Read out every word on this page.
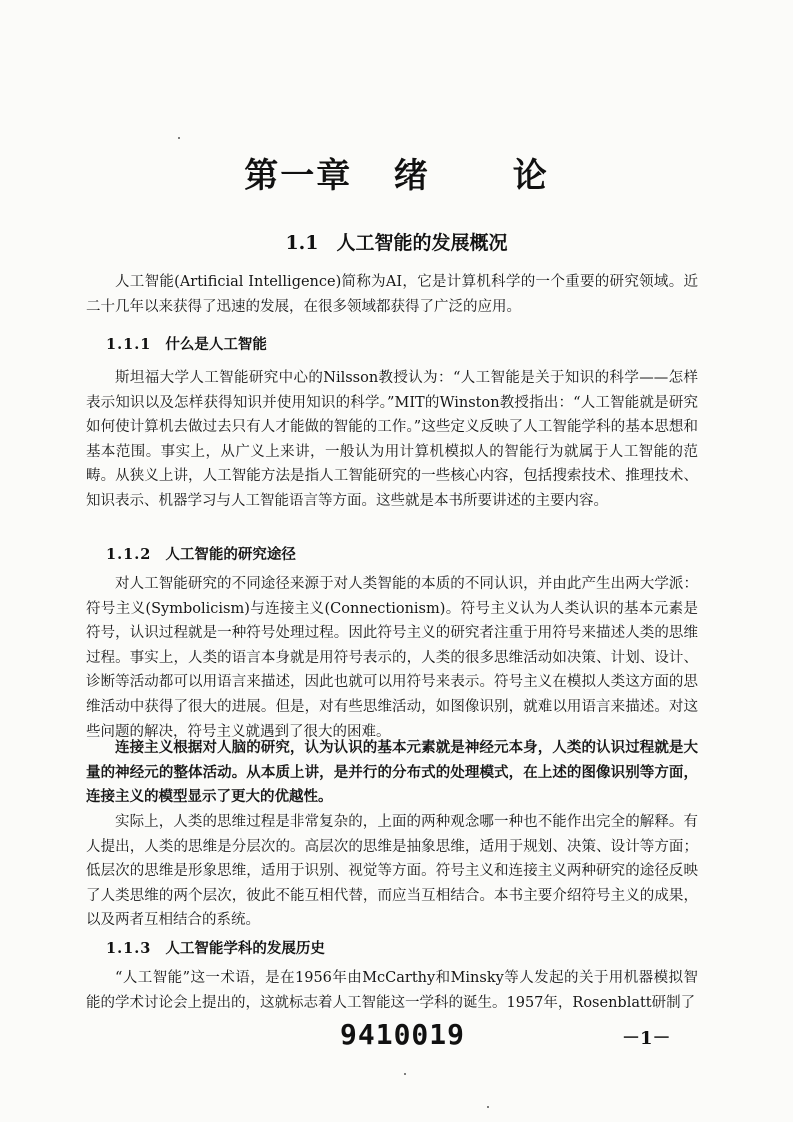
第一章   绪      论
1.1 人工智能的发展概况

人工智能(Artificial Intelligence)简称为AI，它是计算机科学的一个重要的研究领域。近二十几年以来获得了迅速的发展，在很多领域都获得了广泛的应用。

1.1.1 什么是人工智能

斯坦福大学人工智能研究中心的Nilsson教授认为：“人工智能是关于知识的科学——怎样表示知识以及怎样获得知识并使用知识的科学。”MIT的Winston教授指出：“人工智能就是研究如何使计算机去做过去只有人才能做的智能的工作。”这些定义反映了人工智能学科的基本思想和基本范围。事实上，从广义上来讲，一般认为用计算机模拟人的智能行为就属于人工智能的范畴。从狭义上讲，人工智能方法是指人工智能研究的一些核心内容，包括搜索技术、推理技术、知识表示、机器学习与人工智能语言等方面。这些就是本书所要讲述的主要内容。

1.1.2 人工智能的研究途径

对人工智能研究的不同途径来源于对人类智能的本质的不同认识，并由此产生出两大学派：符号主义(Symbolicism)与连接主义(Connectionism)。符号主义认为人类认识的基本元素是符号，认识过程就是一种符号处理过程。因此符号主义的研究者注重于用符号来描述人类的思维过程。事实上，人类的语言本身就是用符号表示的，人类的很多思维活动如决策、计划、设计、诊断等活动都可以用语言来描述，因此也就可以用符号来表示。符号主义在模拟人类这方面的思维活动中获得了很大的进展。但是，对有些思维活动，如图像识别，就难以用语言来描述。对这些问题的解决，符号主义就遇到了很大的困难。

连接主义根据对人脑的研究，认为认识的基本元素就是神经元本身，人类的认识过程就是大量的神经元的整体活动。从本质上讲，是并行的分布式的处理模式，在上述的图像识别等方面，连接主义的模型显示了更大的优越性。

实际上，人类的思维过程是非常复杂的，上面的两种观念哪一种也不能作出完全的解释。有人提出，人类的思维是分层次的。高层次的思维是抽象思维，适用于规划、决策、设计等方面；低层次的思维是形象思维，适用于识别、视觉等方面。符号主义和连接主义两种研究的途径反映了人类思维的两个层次，彼此不能互相代替，而应当互相结合。本书主要介绍符号主义的成果，以及两者互相结合的系统。

1.1.3 人工智能学科的发展历史

“人工智能”这一术语，是在1956年由McCarthy和Minsky等人发起的关于用机器模拟智能的学术讨论会上提出的，这就标志着人工智能这一学科的诞生。1957年，Rosenblatt研制了

9410019	－1－
